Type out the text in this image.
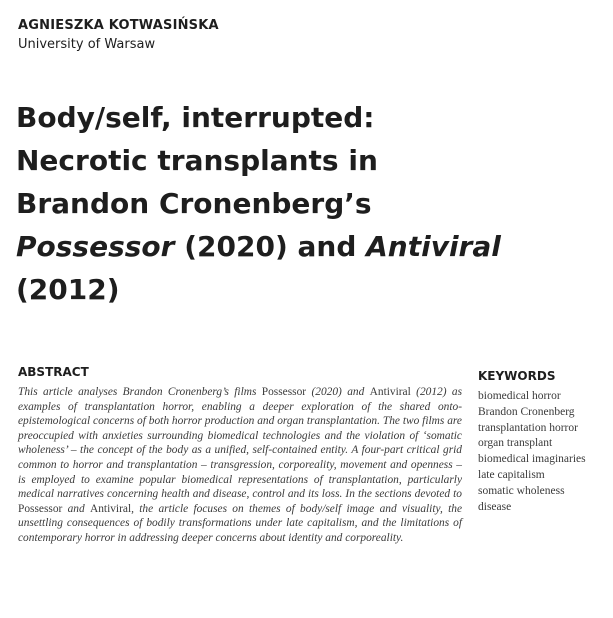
AGNIESZKA KOTWASIŃSKA
University of Warsaw
Body/self, interrupted:
Necrotic transplants in
Brandon Cronenberg’s
Possessor (2020) and Antiviral
(2012)
ABSTRACT

This article analyses Brandon Cronenberg’s films Possessor (2020) and Antiviral (2012) as examples of transplantation horror, enabling a deeper exploration of the shared onto-epistemological concerns of both horror production and organ transplantation. The two films are preoccupied with anxieties surrounding biomedical technologies and the violation of ‘somatic wholeness’ – the concept of the body as a unified, self-contained entity. A four-part critical grid common to horror and transplantation – transgression, corporeality, movement and openness – is employed to examine popular biomedical representations of transplantation, particularly medical narratives concerning health and disease, control and its loss. In the sections devoted to Possessor and Antiviral, the article focuses on themes of body/self image and visuality, the unsettling consequences of bodily transformations under late capitalism, and the limitations of contemporary horror in addressing deeper concerns about identity and corporeality.

KEYWORDS
biomedical horror
Brandon Cronenberg
transplantation horror
organ transplant
biomedical imaginaries
late capitalism
somatic wholeness
disease
